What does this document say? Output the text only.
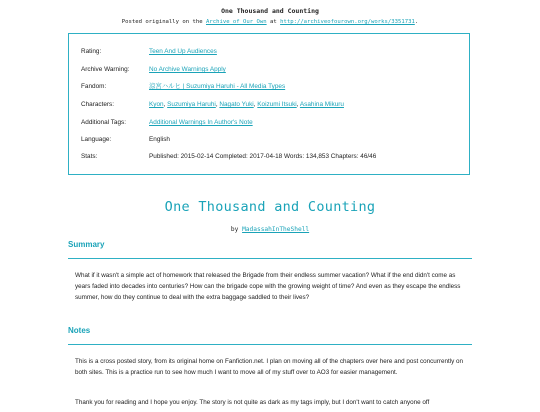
One Thousand and Counting
Posted originally on the Archive of Our Own at http://archiveofourown.org/works/3351731.
Rating:	Teen And Up Audiences
Archive Warning:	No Archive Warnings Apply
Fandom:	涼宮ハルヒ | Suzumiya Haruhi - All Media Types
Characters:	Kyon, Suzumiya Haruhi, Nagato Yuki, Koizumi Itsuki, Asahina Mikuru
Additional Tags:	Additional Warnings In Author's Note
Language:	English
Stats:	Published: 2015-02-14 Completed: 2017-04-18 Words: 134,853 Chapters: 46/46
One Thousand and Counting
by MadassahInTheShell
Summary
What if it wasn't a simple act of homework that released the Brigade from their endless summer vacation? What if the end didn't come as years faded into decades into centuries? How can the brigade cope with the growing weight of time? And even as they escape the endless summer, how do they continue to deal with the extra baggage saddled to their lives?
Notes
This is a cross posted story, from its original home on Fanfiction.net. I plan on moving all of the chapters over here and post concurrently on both sites. This is a practice run to see how much I want to move all of my stuff over to AO3 for easier management.
Thank you for reading and I hope you enjoy. The story is not quite as dark as my tags imply, but I don't want to catch anyone off
